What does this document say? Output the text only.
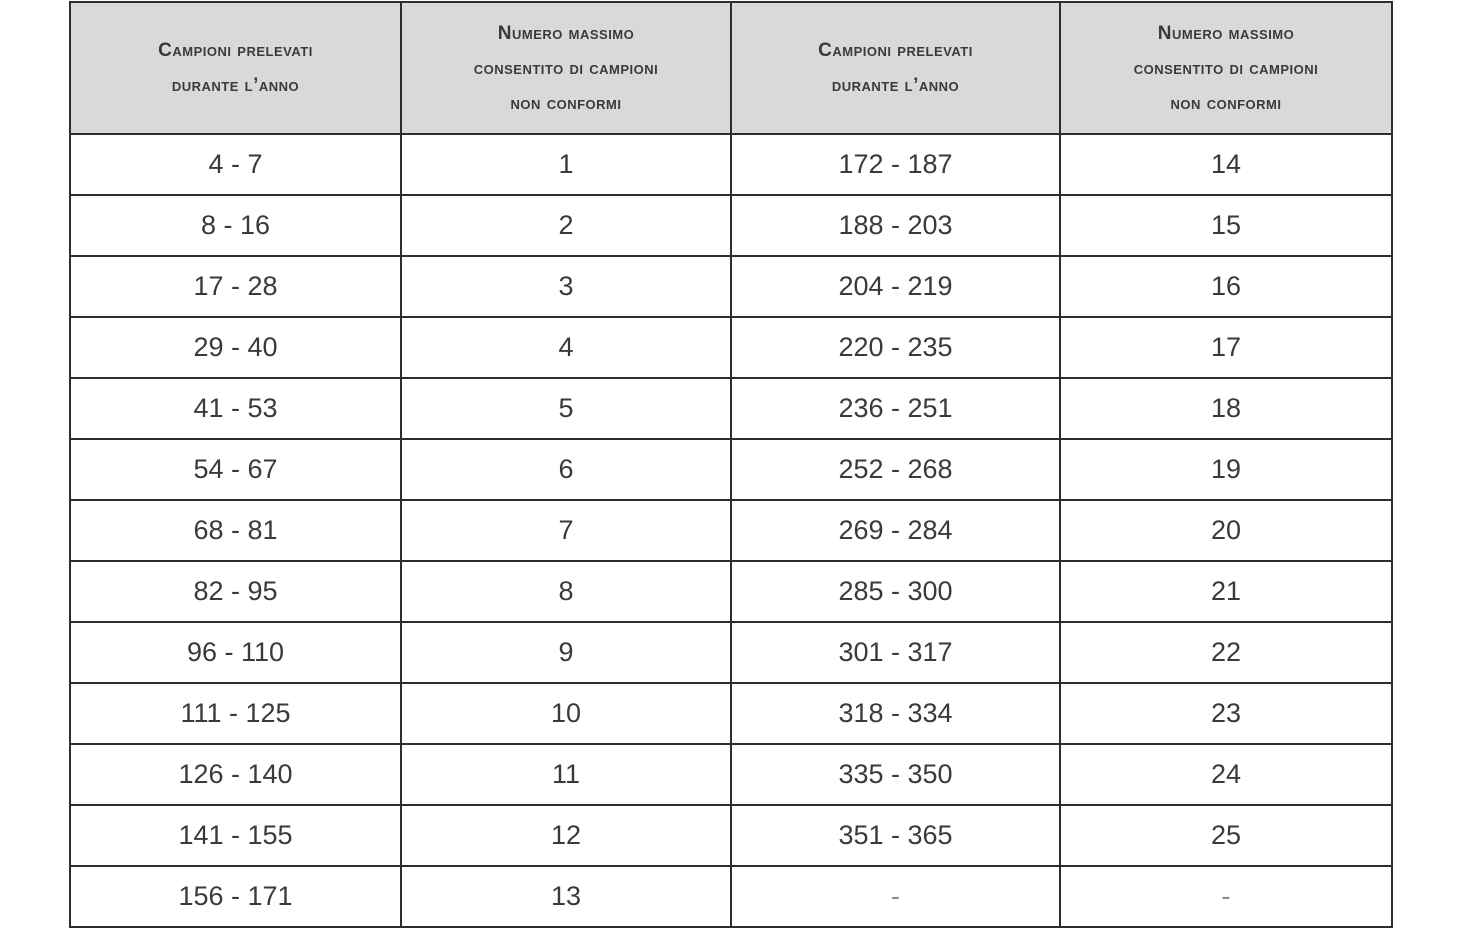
Campioni prelevati
durante l’anno	Numero massimo
consentito di campioni
non conformi	Campioni prelevati
durante l’anno	Numero massimo
consentito di campioni
non conformi

4 - 7	1	172 - 187	14
8 - 16	2	188 - 203	15
17 - 28	3	204 - 219	16
29 - 40	4	220 - 235	17
41 - 53	5	236 - 251	18
54 - 67	6	252 - 268	19
68 - 81	7	269 - 284	20
82 - 95	8	285 - 300	21
96 - 110	9	301 - 317	22
111 - 125	10	318 - 334	23
126 - 140	11	335 - 350	24
141 - 155	12	351 - 365	25
156 - 171	13	-	-
